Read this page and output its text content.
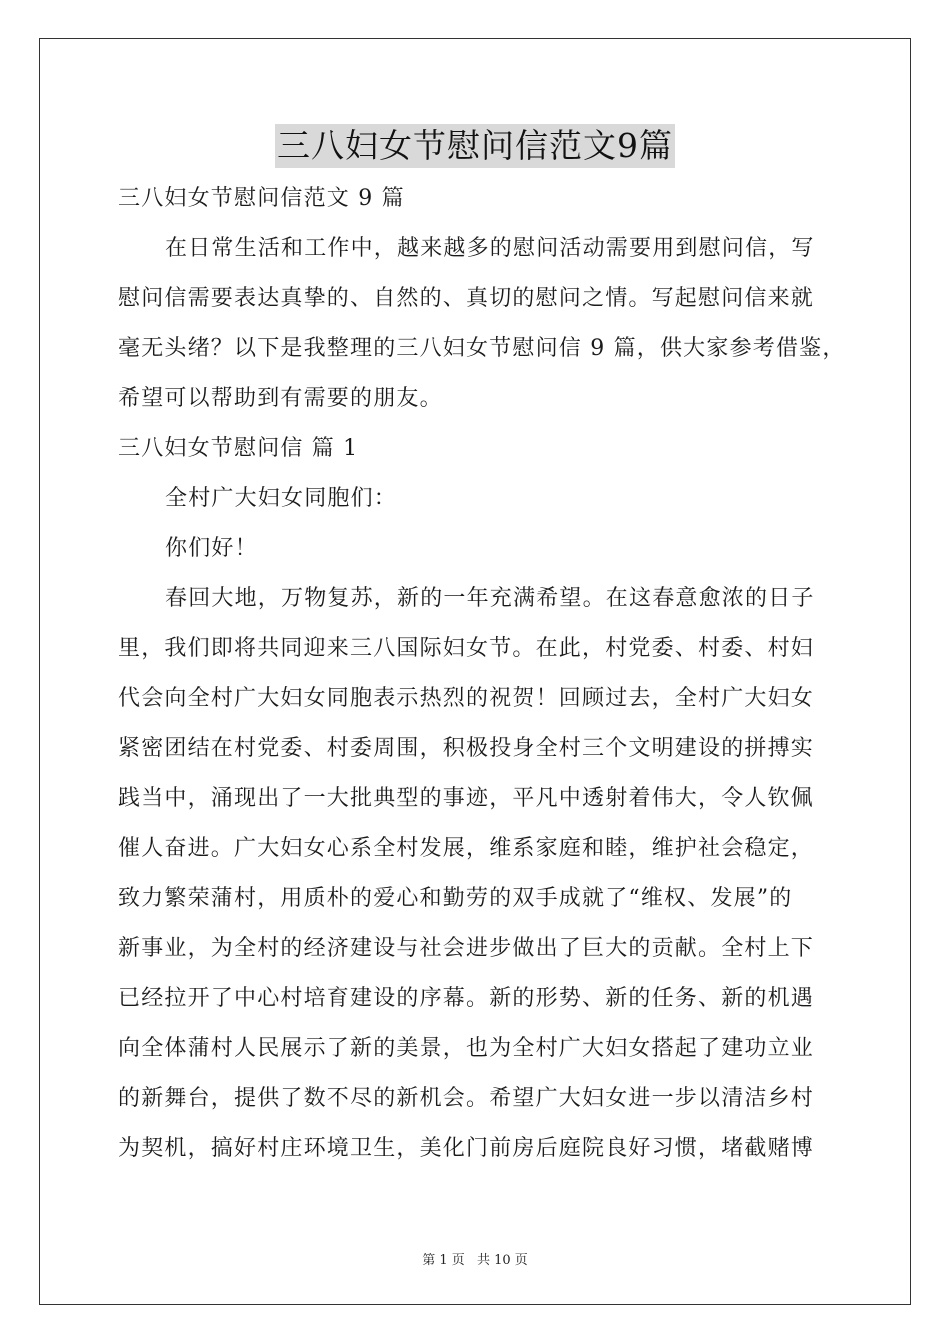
三八妇女节慰问信范文9篇
三八妇女节慰问信范文 9 篇
在日常生活和工作中，越来越多的慰问活动需要用到慰问信，写
慰问信需要表达真挚的、自然的、真切的慰问之情。写起慰问信来就
毫无头绪？以下是我整理的三八妇女节慰问信 9 篇，供大家参考借鉴，
希望可以帮助到有需要的朋友。
三八妇女节慰问信 篇 1
全村广大妇女同胞们：
你们好！
春回大地，万物复苏，新的一年充满希望。在这春意愈浓的日子
里，我们即将共同迎来三八国际妇女节。在此，村党委、村委、村妇
代会向全村广大妇女同胞表示热烈的祝贺！回顾过去，全村广大妇女
紧密团结在村党委、村委周围，积极投身全村三个文明建设的拼搏实
践当中，涌现出了一大批典型的事迹，平凡中透射着伟大，令人钦佩
催人奋进。广大妇女心系全村发展，维系家庭和睦，维护社会稳定，
致力繁荣蒲村，用质朴的爱心和勤劳的双手成就了“维权、发展”的
新事业，为全村的经济建设与社会进步做出了巨大的贡献。全村上下
已经拉开了中心村培育建设的序幕。新的形势、新的任务、新的机遇
向全体蒲村人民展示了新的美景，也为全村广大妇女搭起了建功立业
的新舞台，提供了数不尽的新机会。希望广大妇女进一步以清洁乡村
为契机，搞好村庄环境卫生，美化门前房后庭院良好习惯，堵截赌博
第 1 页 共 10 页
